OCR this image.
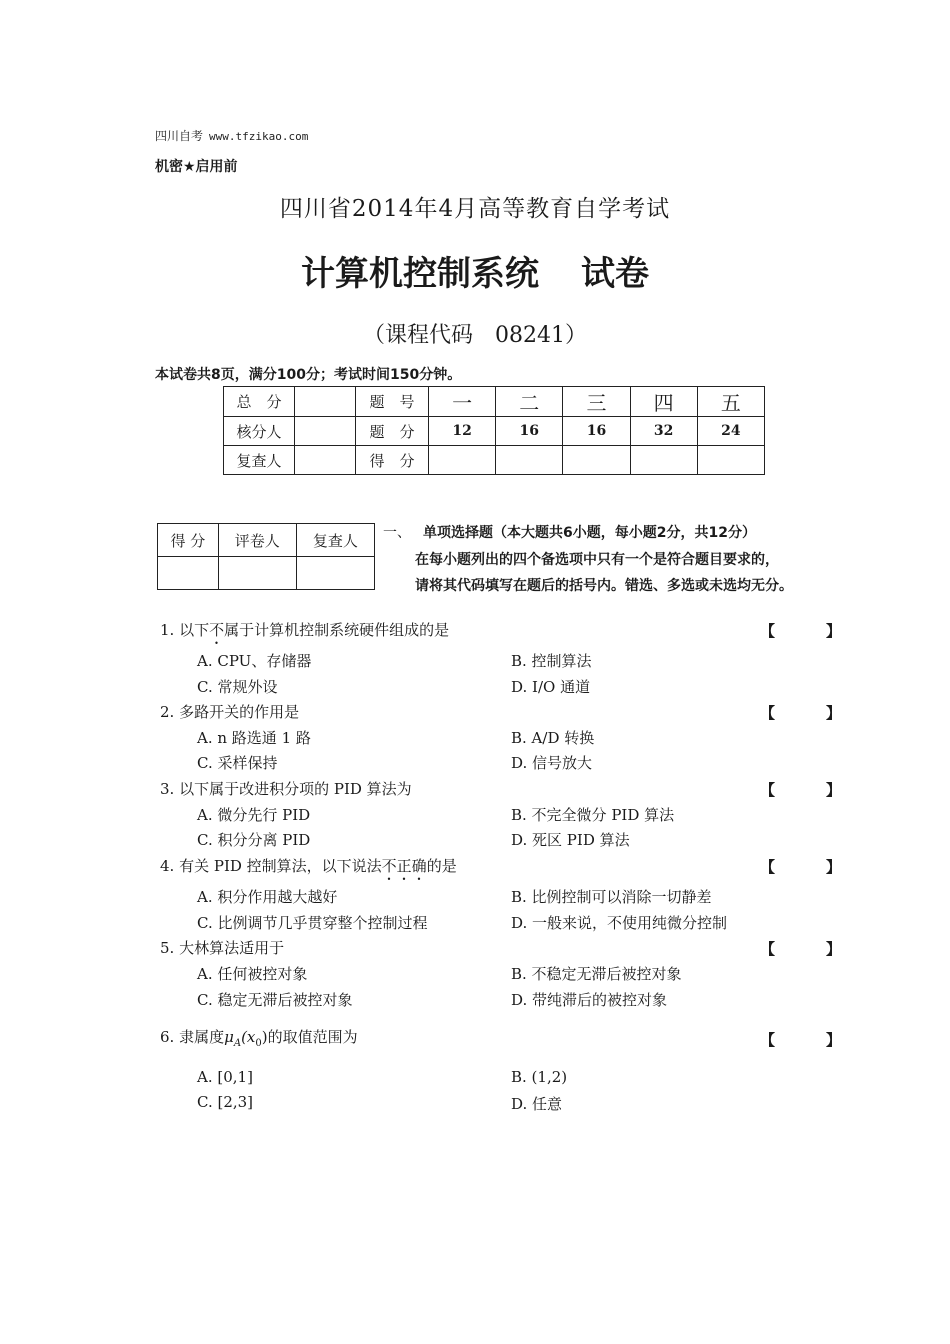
四川自考 www.tfzikao.com
机密★启用前
四川省2014年4月高等教育自学考试
计算机控制系统 试卷
（课程代码　08241）
本试卷共8页，满分100分；考试时间150分钟。
总　分		题　号	一	二	三	四	五
核分人		题　分	12	16	16	32	24
复查人		得　分					
得 分	评卷人	复查人
		一、 单项选择题（本大题共6小题，每小题2分，共12分）
在每小题列出的四个备选项中只有一个是符合题目要求的，
请将其代码填写在题后的括号内。错选、多选或未选均无分。
1. 以下不属于计算机控制系统硬件组成的是	【	】
A. CPU、存储器	B. 控制算法
C. 常规外设	D. I/O 通道
2. 多路开关的作用是	【	】
A. n 路选通 1 路	B. A/D 转换
C. 采样保持	D. 信号放大
3. 以下属于改进积分项的 PID 算法为	【	】
A. 微分先行 PID	B. 不完全微分 PID 算法
C. 积分分离 PID	D. 死区 PID 算法
4. 有关 PID 控制算法，以下说法不正确的是	【	】
A. 积分作用越大越好	B. 比例控制可以消除一切静差
C. 比例调节几乎贯穿整个控制过程	D. 一般来说，不使用纯微分控制
5. 大林算法适用于	【	】
A. 任何被控对象	B. 不稳定无滞后被控对象
C. 稳定无滞后被控对象	D. 带纯滞后的被控对象
6. 隶属度$\mu_A(x_0)$的取值范围为	【	】
A. [0,1]	B. (1,2)
C. [2,3]	D. 任意
